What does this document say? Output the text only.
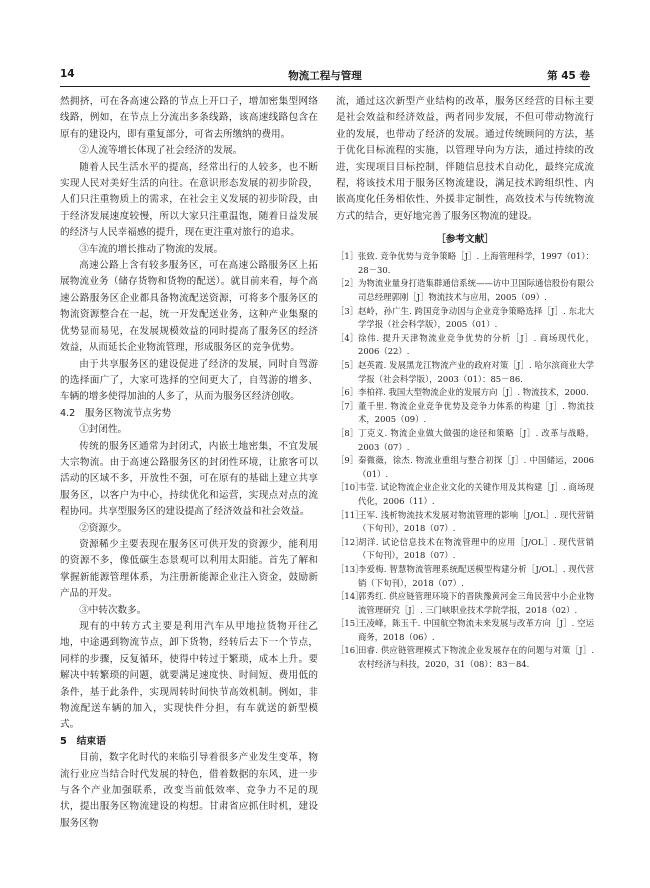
14	物流工程与管理	第 45 卷

然拥挤，可在各高速公路的节点上开口子，增加密集型网络线路，例如，在节点上分流出多条线路，该高速线路包含在原有的建设内，即有重复部分，可省去所缴纳的费用。

②人流等增长体现了社会经济的发展。

随着人民生活水平的提高，经常出行的人较多，也不断实现人民对美好生活的向往。在意识形态发展的初步阶段，人们只注重物质上的需求，在社会主义发展的初步阶段，由于经济发展速度较慢，所以大家只注重温饱，随着日益发展的经济与人民幸福感的提升，现在更注重对旅行的追求。

③车流的增长推动了物流的发展。

高速公路上含有较多服务区，可在高速公路服务区上拓展物流业务（储存货物和货物的配送）。就目前来看，每个高速公路服务区企业都具备物流配送资源，可将多个服务区的物流资源整合在一起，统一开发配送业务，这种产业集聚的优势显而易见，在发展规模效益的同时提高了服务区的经济效益，从而延长企业物流管理，形成服务区的竞争优势。

由于共享服务区的建设促进了经济的发展，同时自驾游的选择面广了，大家可选择的空间更大了，自驾游的增多、车辆的增多使得加油的人多了，从而为服务区经济创收。

4.2　服务区物流节点劣势

①封闭性。

传统的服务区通常为封闭式，内嵌土地密集，不宜发展大宗物流。由于高速公路服务区的封闭性环境，让旅客可以活动的区域不多，开放性不强，可在原有的基础上建立共享服务区，以客户为中心，持续优化和运营，实现点对点的流程协同。共享型服务区的建设提高了经济效益和社会效益。

②资源少。

资源稀少主要表现在服务区可供开发的资源少，能利用的资源不多，像低碳生态景观可以利用太阳能。首先了解和掌握新能源管理体系，为注册新能源企业注入资金，鼓励新产品的开发。

③中转次数多。

现有的中转方式主要是利用汽车从甲地拉货物开往乙地，中途遇到物流节点，卸下货物，经转后去下一个节点，同样的步骤，反复循环，使得中转过于繁琐，成本上升。要解决中转繁琐的问题，就要满足速度快、时间短、费用低的条件，基于此条件，实现周转时间快节高效机制。例如，非物流配送车辆的加入，实现快件分担，有车就送的新型模式。

5　结束语

目前，数字化时代的来临引导着很多产业发生变革，物流行业应当结合时代发展的特色，借着数据的东风，进一步与各个产业加强联系，改变当前低效率、竞争力不足的现状，提出服务区物流建设的构想。甘肃省应抓住时机，建设服务区物

流，通过这次新型产业结构的改革，服务区经营的目标主要是社会效益和经济效益，两者同步发展，不但可带动物流行业的发展，也带动了经济的发展。通过传统顾问的方法，基于优化目标流程的实施，以管理导向为方法，通过持续的改进，实现项目目标控制，伴随信息技术自动化，最终完成流程，将该技术用于服务区物流建设，满足技术跨组织性、内嵌高度化任务相依性、外援非定制性，高效技术与传统物流方式的结合，更好地完善了服务区物流的建设。

［参考文献］
［1］ 张致. 竞争优势与竞争策略［J］. 上海管理科学，1997（01）：28－30.
［2］ 为物流业量身打造集群通信系统——访中卫国际通信股份有限公司总经理郭刚［J］物流技术与应用，2005（09）.
［3］ 赵岭，孙广生. 跨国竞争动因与企业竞争策略选择［J］. 东北大学学报（社会科学版），2005（01）.
［4］ 徐伟. 提升天津物流业竞争优势的分析［J］. 商场现代化，2006（22）.
［5］ 赵英霞. 发展黑龙江物流产业的政府对策［J］. 哈尔滨商业大学学报（社会科学版），2003（01）：85－86.
［6］ 李柏祥. 我国大型物流企业的发展方向［J］. 物流技术，2000.
［7］ 董千里. 物流企业竞争优势及竞争力体系的构建［J］. 物流技术，2005（09）.
［8］ 丁克义. 物流企业做大做强的途径和策略［J］. 改革与战略，2003（07）.
［9］ 秦微薇，徐杰. 物流业重组与整合初探［J］. 中国储运，2006（01）.
［10］
韦莹. 试论物流企业企业文化的关键作用及其构建［J］. 商场现代化，2006（11）.
［11］
王军. 浅析物流技术发展对物流管理的影响［J/OL］. 现代营销（下旬刊），2018（07）.
［12］
胡洋. 试论信息技术在物流管理中的应用［J/OL］. 现代营销（下旬刊），2018（07）.
［13］
李爱梅. 智慧物流管理系统配送模型构建分析［J/OL］. 现代营销（下旬刊），2018（07）.
［14］
郭秀红. 供应链管理环境下的晋陕豫黄河金三角民营中小企业物流管理研究［J］. 三门峡职业技术学院学报，2018（02）.
［15］
王凌峰，陈玉千. 中国航空物流未来发展与改革方向［J］. 空运商务，2018（06）.
［16］
田睿. 供应链管理模式下物流企业发展存在的问题与对策［J］. 农村经济与科技，2020，31（08）：83－84.
